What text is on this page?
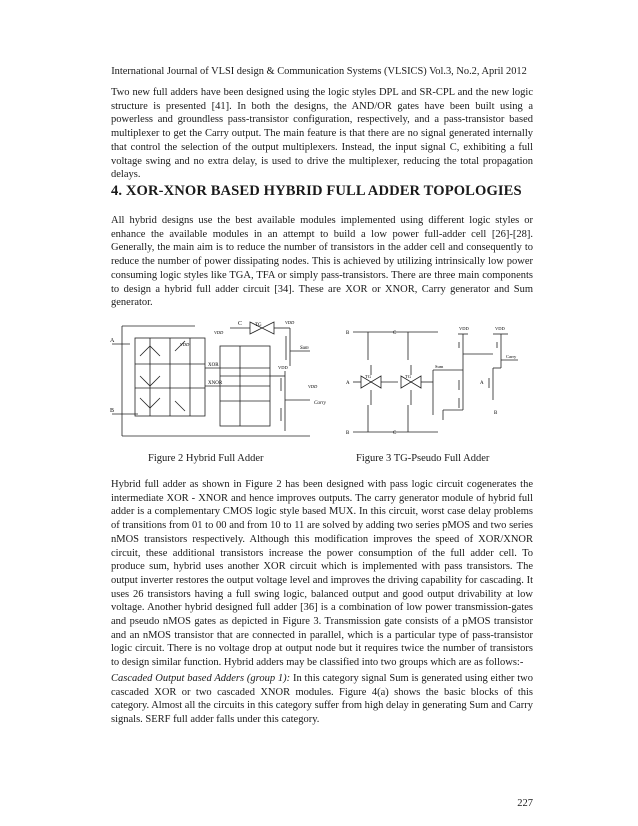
International Journal of VLSI design & Communication Systems (VLSICS) Vol.3, No.2, April 2012

Two new full adders have been designed using the logic styles DPL and SR-CPL and the new logic structure is presented [41]. In both the designs, the AND/OR gates have been built using a powerless and groundless pass-transistor configuration, respectively, and a pass-transistor based multiplexer to get the Carry output. The main feature is that there are no signal generated internally that control the selection of the output multiplexers. Instead, the input signal C, exhibiting a full voltage swing and no extra delay, is used to drive the multiplexer, reducing the total propagation delays.

4. XOR-XNOR BASED HYBRID FULL ADDER TOPOLOGIES

All hybrid designs use the best available modules implemented using different logic styles or enhance the available modules in an attempt to build a low power full-adder cell [26]-[28]. Generally, the main aim is to reduce the number of transistors in the adder cell and consequently to reduce the number of power dissipating nodes. This is achieved by utilizing intrinsically low power consuming logic styles like TGA, TFA or simply pass-transistors. There are three main components to design a hybrid full adder circuit [34]. These are XOR or XNOR, Carry generator and Sum generator.

A
B
C	TG
VDD
VDD
VDD
VDD
VDD
XOR
XNOR
Sum
Carry
B	C
A
TG	TG
VDD	VDD
Sum
Carry
B	C
A
B
Figure 2 Hybrid Full Adder	Figure 3 TG-Pseudo Full Adder

Hybrid full adder as shown in Figure 2 has been designed with pass logic circuit cogenerates the intermediate XOR - XNOR and hence improves outputs. The carry generator module of hybrid full adder is a complementary CMOS logic style based MUX. In this circuit, worst case delay problems of transitions from 01 to 00 and from 10 to 11 are solved by adding two series pMOS and two series nMOS transistors respectively. Although this modification improves the speed of XOR/XNOR circuit, these additional transistors increase the power consumption of the full adder cell. To produce sum, hybrid uses another XOR circuit which is implemented with pass transistors. The output inverter restores the output voltage level and improves the driving capability for cascading. It uses 26 transistors having a full swing logic, balanced output and good output drivability at low voltage. Another hybrid designed full adder [36] is a combination of low power transmission-gates and pseudo nMOS gates as depicted in Figure 3. Transmission gate consists of a pMOS transistor and an nMOS transistor that are connected in parallel, which is a particular type of pass-transistor logic circuit. There is no voltage drop at output node but it requires twice the number of transistors to design similar function. Hybrid adders may be classified into two groups which are as follows:-

Cascaded Output based Adders (group 1): In this category signal Sum is generated using either two cascaded XOR or two cascaded XNOR modules. Figure 4(a) shows the basic blocks of this category. Almost all the circuits in this category suffer from high delay in generating Sum and Carry signals. SERF full adder falls under this category.

227
